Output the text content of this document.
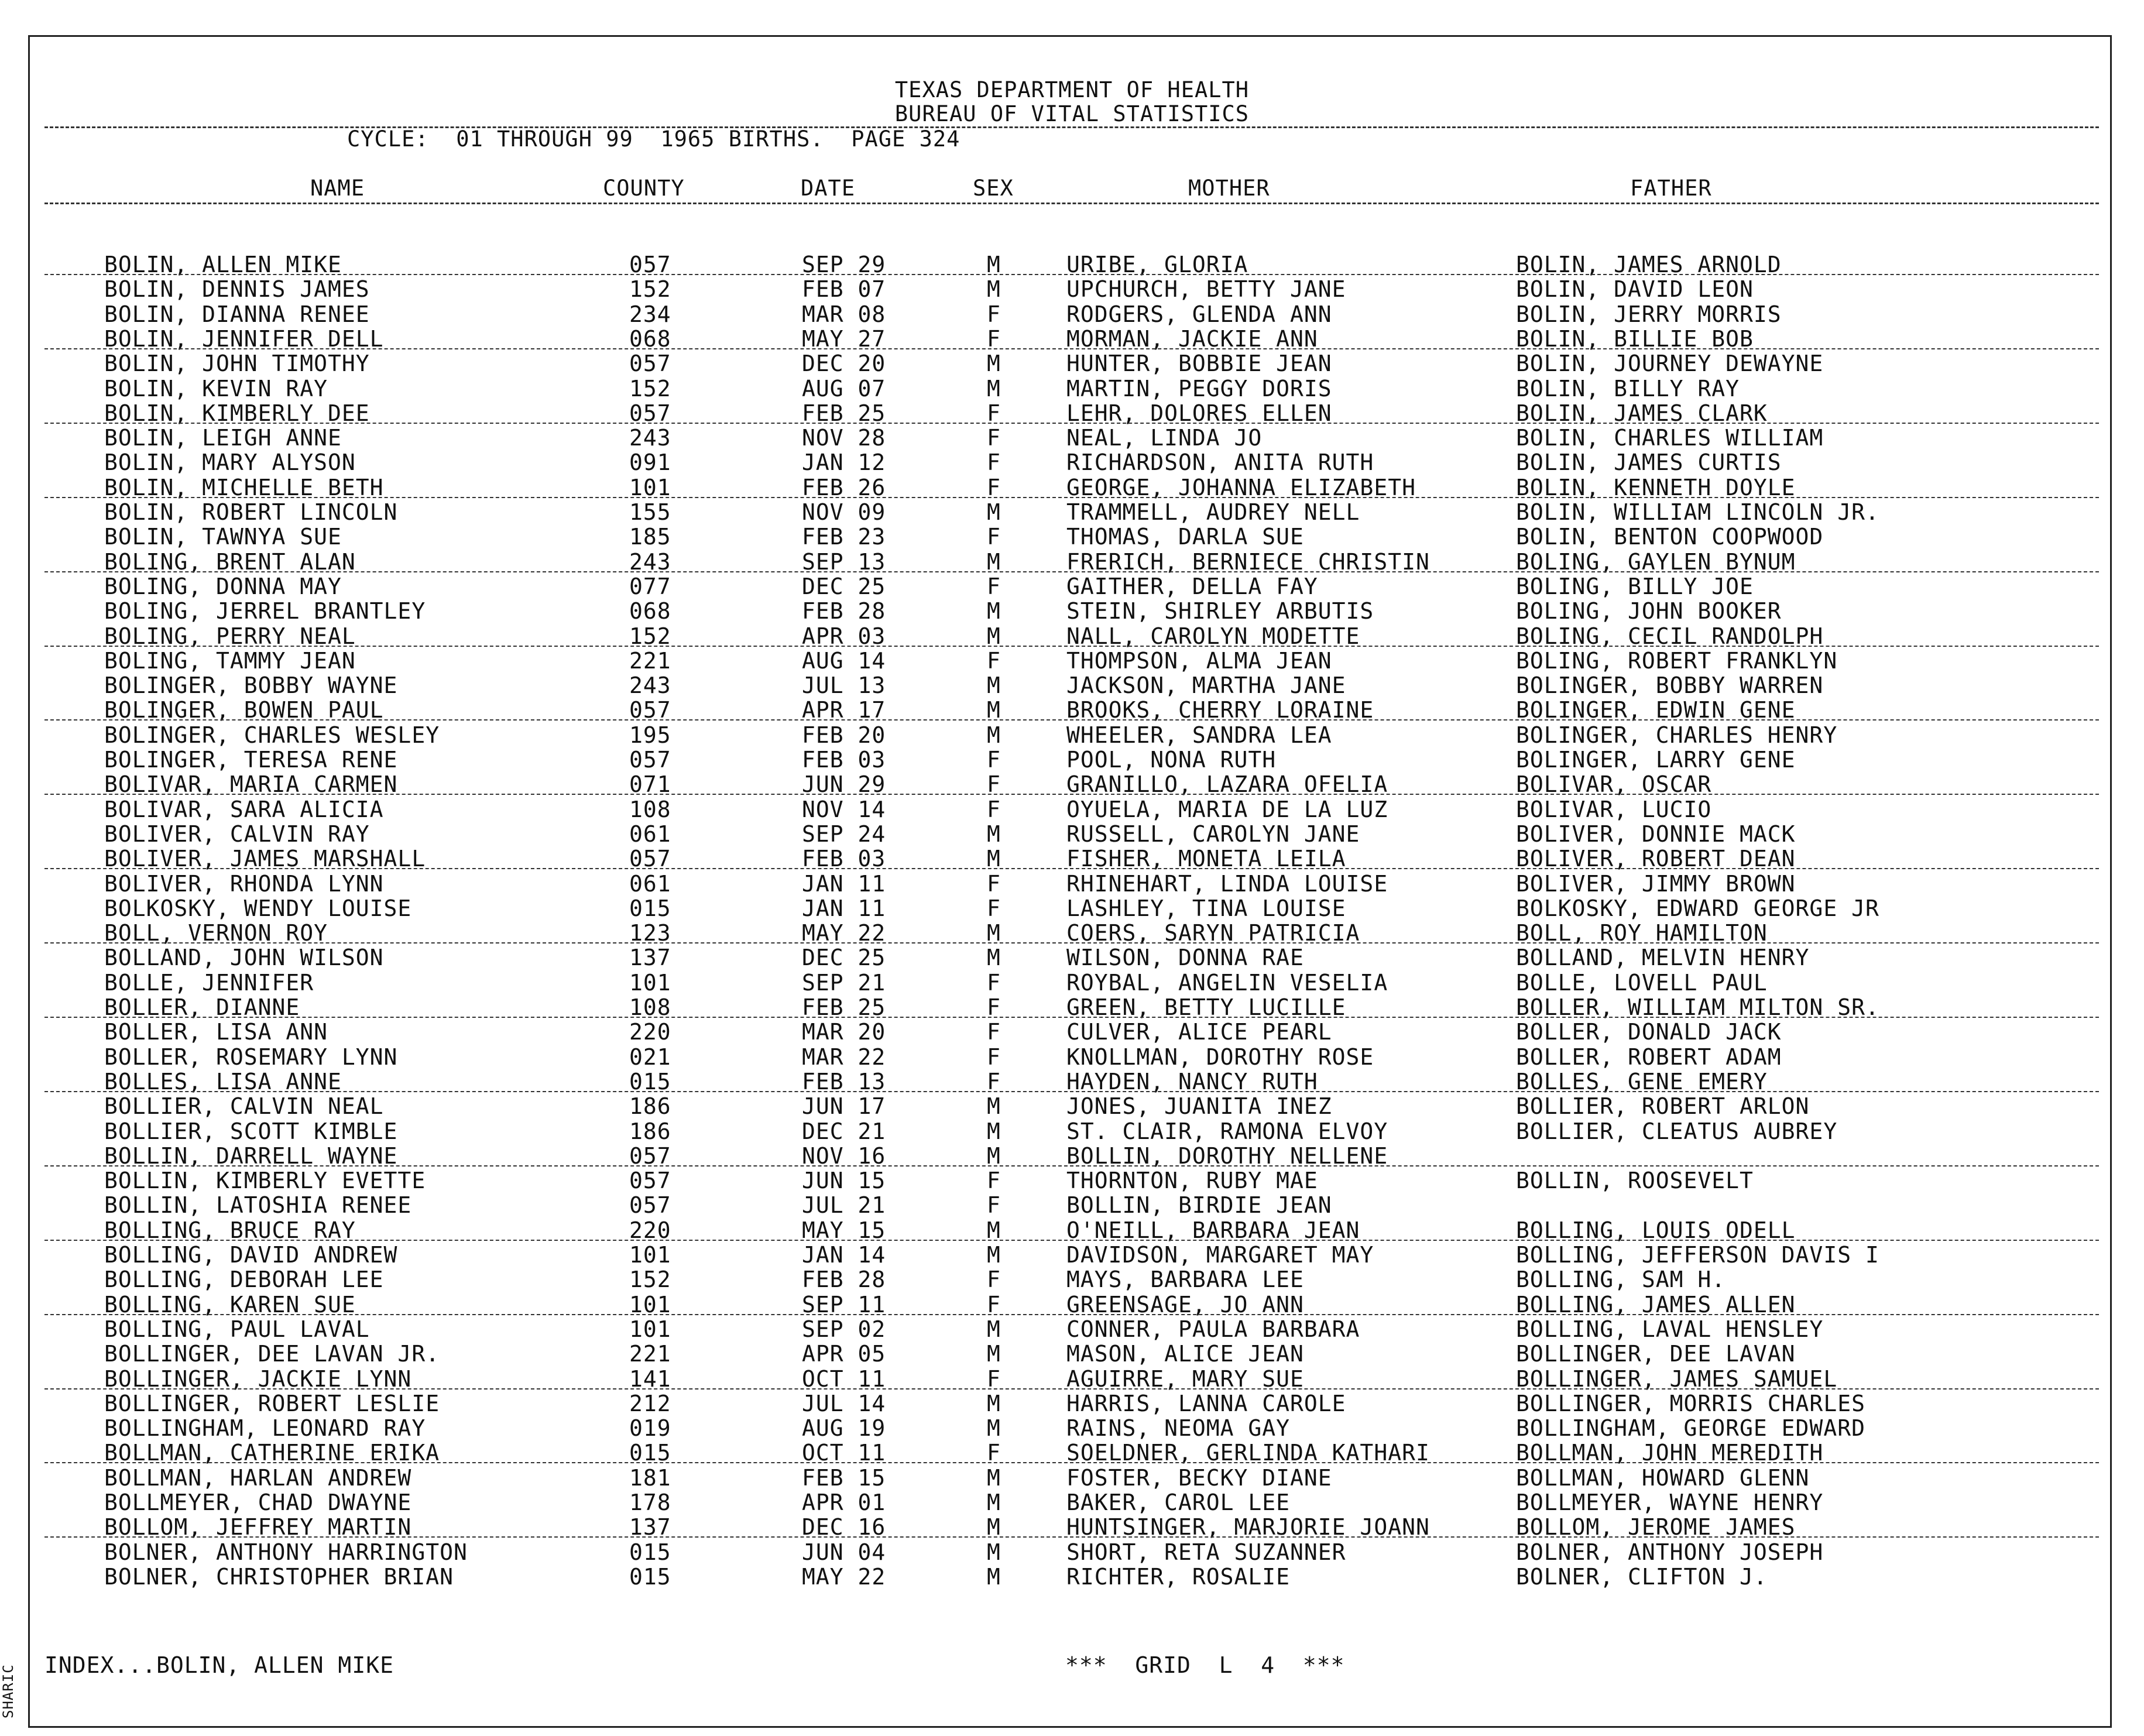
SHARIC
TEXAS DEPARTMENT OF HEALTH
BUREAU OF VITAL STATISTICS
CYCLE:  01 THROUGH 99  1965 BIRTHS.  PAGE 324
NAME	COUNTY	DATE	SEX	MOTHER	FATHER
BOLIN, ALLEN MIKE	057	SEP 29	M	URIBE, GLORIA	BOLIN, JAMES ARNOLD
BOLIN, DENNIS JAMES	152	FEB 07	M	UPCHURCH, BETTY JANE	BOLIN, DAVID LEON
BOLIN, DIANNA RENEE	234	MAR 08	F	RODGERS, GLENDA ANN	BOLIN, JERRY MORRIS
BOLIN, JENNIFER DELL	068	MAY 27	F	MORMAN, JACKIE ANN	BOLIN, BILLIE BOB
BOLIN, JOHN TIMOTHY	057	DEC 20	M	HUNTER, BOBBIE JEAN	BOLIN, JOURNEY DEWAYNE
BOLIN, KEVIN RAY	152	AUG 07	M	MARTIN, PEGGY DORIS	BOLIN, BILLY RAY
BOLIN, KIMBERLY DEE	057	FEB 25	F	LEHR, DOLORES ELLEN	BOLIN, JAMES CLARK
BOLIN, LEIGH ANNE	243	NOV 28	F	NEAL, LINDA JO	BOLIN, CHARLES WILLIAM
BOLIN, MARY ALYSON	091	JAN 12	F	RICHARDSON, ANITA RUTH	BOLIN, JAMES CURTIS
BOLIN, MICHELLE BETH	101	FEB 26	F	GEORGE, JOHANNA ELIZABETH	BOLIN, KENNETH DOYLE
BOLIN, ROBERT LINCOLN	155	NOV 09	M	TRAMMELL, AUDREY NELL	BOLIN, WILLIAM LINCOLN JR.
BOLIN, TAWNYA SUE	185	FEB 23	F	THOMAS, DARLA SUE	BOLIN, BENTON COOPWOOD
BOLING, BRENT ALAN	243	SEP 13	M	FRERICH, BERNIECE CHRISTIN	BOLING, GAYLEN BYNUM
BOLING, DONNA MAY	077	DEC 25	F	GAITHER, DELLA FAY	BOLING, BILLY JOE
BOLING, JERREL BRANTLEY	068	FEB 28	M	STEIN, SHIRLEY ARBUTIS	BOLING, JOHN BOOKER
BOLING, PERRY NEAL	152	APR 03	M	NALL, CAROLYN MODETTE	BOLING, CECIL RANDOLPH
BOLING, TAMMY JEAN	221	AUG 14	F	THOMPSON, ALMA JEAN	BOLING, ROBERT FRANKLYN
BOLINGER, BOBBY WAYNE	243	JUL 13	M	JACKSON, MARTHA JANE	BOLINGER, BOBBY WARREN
BOLINGER, BOWEN PAUL	057	APR 17	M	BROOKS, CHERRY LORAINE	BOLINGER, EDWIN GENE
BOLINGER, CHARLES WESLEY	195	FEB 20	M	WHEELER, SANDRA LEA	BOLINGER, CHARLES HENRY
BOLINGER, TERESA RENE	057	FEB 03	F	POOL, NONA RUTH	BOLINGER, LARRY GENE
BOLIVAR, MARIA CARMEN	071	JUN 29	F	GRANILLO, LAZARA OFELIA	BOLIVAR, OSCAR
BOLIVAR, SARA ALICIA	108	NOV 14	F	OYUELA, MARIA DE LA LUZ	BOLIVAR, LUCIO
BOLIVER, CALVIN RAY	061	SEP 24	M	RUSSELL, CAROLYN JANE	BOLIVER, DONNIE MACK
BOLIVER, JAMES MARSHALL	057	FEB 03	M	FISHER, MONETA LEILA	BOLIVER, ROBERT DEAN
BOLIVER, RHONDA LYNN	061	JAN 11	F	RHINEHART, LINDA LOUISE	BOLIVER, JIMMY BROWN
BOLKOSKY, WENDY LOUISE	015	JAN 11	F	LASHLEY, TINA LOUISE	BOLKOSKY, EDWARD GEORGE JR
BOLL, VERNON ROY	123	MAY 22	M	COERS, SARYN PATRICIA	BOLL, ROY HAMILTON
BOLLAND, JOHN WILSON	137	DEC 25	M	WILSON, DONNA RAE	BOLLAND, MELVIN HENRY
BOLLE, JENNIFER	101	SEP 21	F	ROYBAL, ANGELIN VESELIA	BOLLE, LOVELL PAUL
BOLLER, DIANNE	108	FEB 25	F	GREEN, BETTY LUCILLE	BOLLER, WILLIAM MILTON SR.
BOLLER, LISA ANN	220	MAR 20	F	CULVER, ALICE PEARL	BOLLER, DONALD JACK
BOLLER, ROSEMARY LYNN	021	MAR 22	F	KNOLLMAN, DOROTHY ROSE	BOLLER, ROBERT ADAM
BOLLES, LISA ANNE	015	FEB 13	F	HAYDEN, NANCY RUTH	BOLLES, GENE EMERY
BOLLIER, CALVIN NEAL	186	JUN 17	M	JONES, JUANITA INEZ	BOLLIER, ROBERT ARLON
BOLLIER, SCOTT KIMBLE	186	DEC 21	M	ST. CLAIR, RAMONA ELVOY	BOLLIER, CLEATUS AUBREY
BOLLIN, DARRELL WAYNE	057	NOV 16	M	BOLLIN, DOROTHY NELLENE
BOLLIN, KIMBERLY EVETTE	057	JUN 15	F	THORNTON, RUBY MAE	BOLLIN, ROOSEVELT
BOLLIN, LATOSHIA RENEE	057	JUL 21	F	BOLLIN, BIRDIE JEAN
BOLLING, BRUCE RAY	220	MAY 15	M	O'NEILL, BARBARA JEAN	BOLLING, LOUIS ODELL
BOLLING, DAVID ANDREW	101	JAN 14	M	DAVIDSON, MARGARET MAY	BOLLING, JEFFERSON DAVIS I
BOLLING, DEBORAH LEE	152	FEB 28	F	MAYS, BARBARA LEE	BOLLING, SAM H.
BOLLING, KAREN SUE	101	SEP 11	F	GREENSAGE, JO ANN	BOLLING, JAMES ALLEN
BOLLING, PAUL LAVAL	101	SEP 02	M	CONNER, PAULA BARBARA	BOLLING, LAVAL HENSLEY
BOLLINGER, DEE LAVAN JR.	221	APR 05	M	MASON, ALICE JEAN	BOLLINGER, DEE LAVAN
BOLLINGER, JACKIE LYNN	141	OCT 11	F	AGUIRRE, MARY SUE	BOLLINGER, JAMES SAMUEL
BOLLINGER, ROBERT LESLIE	212	JUL 14	M	HARRIS, LANNA CAROLE	BOLLINGER, MORRIS CHARLES
BOLLINGHAM, LEONARD RAY	019	AUG 19	M	RAINS, NEOMA GAY	BOLLINGHAM, GEORGE EDWARD
BOLLMAN, CATHERINE ERIKA	015	OCT 11	F	SOELDNER, GERLINDA KATHARI	BOLLMAN, JOHN MEREDITH
BOLLMAN, HARLAN ANDREW	181	FEB 15	M	FOSTER, BECKY DIANE	BOLLMAN, HOWARD GLENN
BOLLMEYER, CHAD DWAYNE	178	APR 01	M	BAKER, CAROL LEE	BOLLMEYER, WAYNE HENRY
BOLLOM, JEFFREY MARTIN	137	DEC 16	M	HUNTSINGER, MARJORIE JOANN	BOLLOM, JEROME JAMES
BOLNER, ANTHONY HARRINGTON	015	JUN 04	M	SHORT, RETA SUZANNER	BOLNER, ANTHONY JOSEPH
BOLNER, CHRISTOPHER BRIAN	015	MAY 22	M	RICHTER, ROSALIE	BOLNER, CLIFTON J.
INDEX...BOLIN, ALLEN MIKE	***  GRID  L  4  ***
